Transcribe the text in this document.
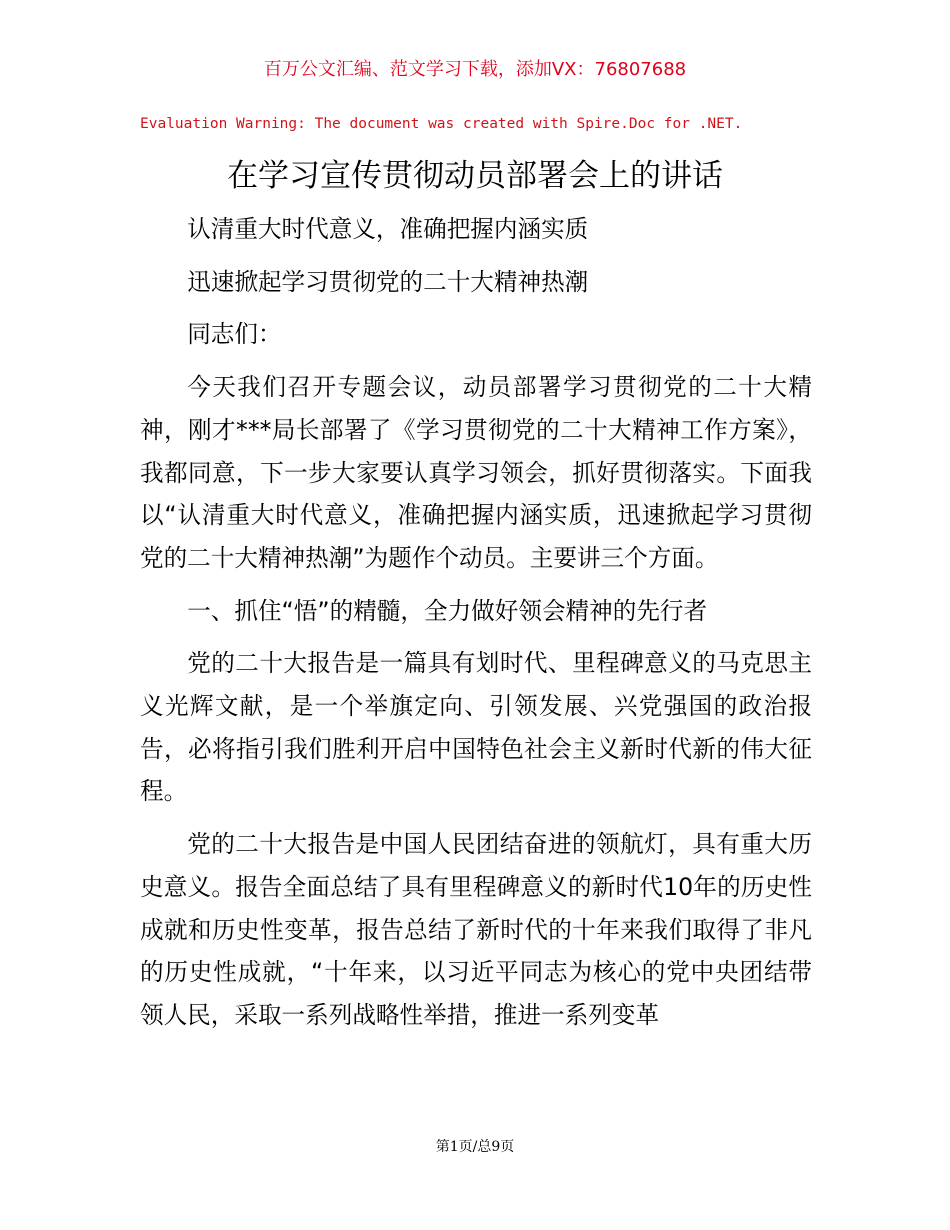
百万公文汇编、范文学习下载，添加VX：76807688
Evaluation Warning: The document was created with Spire.Doc for .NET.
在学习宣传贯彻动员部署会上的讲话

认清重大时代意义，准确把握内涵实质

迅速掀起学习贯彻党的二十大精神热潮

同志们：

今天我们召开专题会议，动员部署学习贯彻党的二十大精神，刚才***局长部署了《学习贯彻党的二十大精神工作方案》，我都同意，下一步大家要认真学习领会，抓好贯彻落实。下面我以“认清重大时代意义，准确把握内涵实质，迅速掀起学习贯彻党的二十大精神热潮”为题作个动员。主要讲三个方面。

一、抓住“悟”的精髓，全力做好领会精神的先行者

党的二十大报告是一篇具有划时代、里程碑意义的马克思主义光辉文献，是一个举旗定向、引领发展、兴党强国的政治报告，必将指引我们胜利开启中国特色社会主义新时代新的伟大征程。

党的二十大报告是中国人民团结奋进的领航灯，具有重大历史意义。报告全面总结了具有里程碑意义的新时代10年的历史性成就和历史性变革，报告总结了新时代的十年来我们取得了非凡的历史性成就，“十年来，以习近平同志为核心的党中央团结带领人民，采取一系列战略性举措，推进一系列变革

第1页/总9页
